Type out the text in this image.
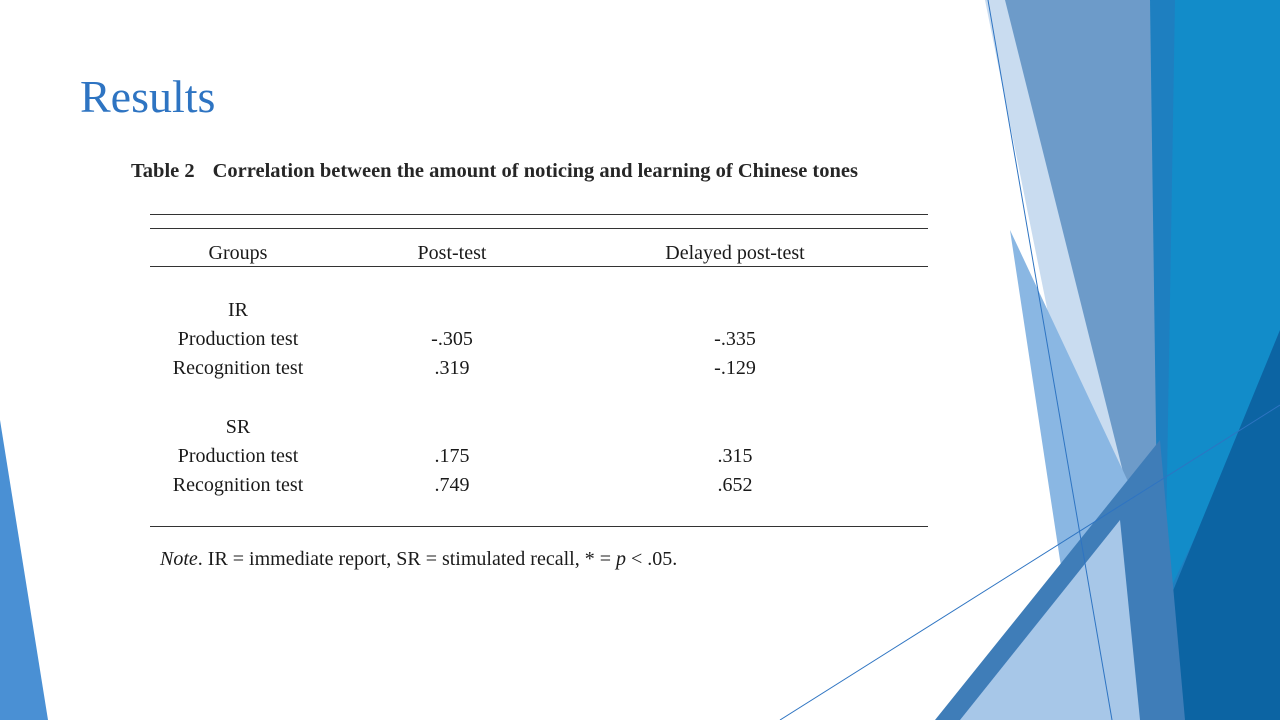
Results
Table 2 Correlation between the amount of noticing and learning of Chinese tones
Groups	Post-test	Delayed post-test
IR
Production test	-.305	-.335
Recognition test	.319	-.129
SR
Production test	.175	.315
Recognition test	.749	.652
Note. IR = immediate report, SR = stimulated recall, * = p < .05.
